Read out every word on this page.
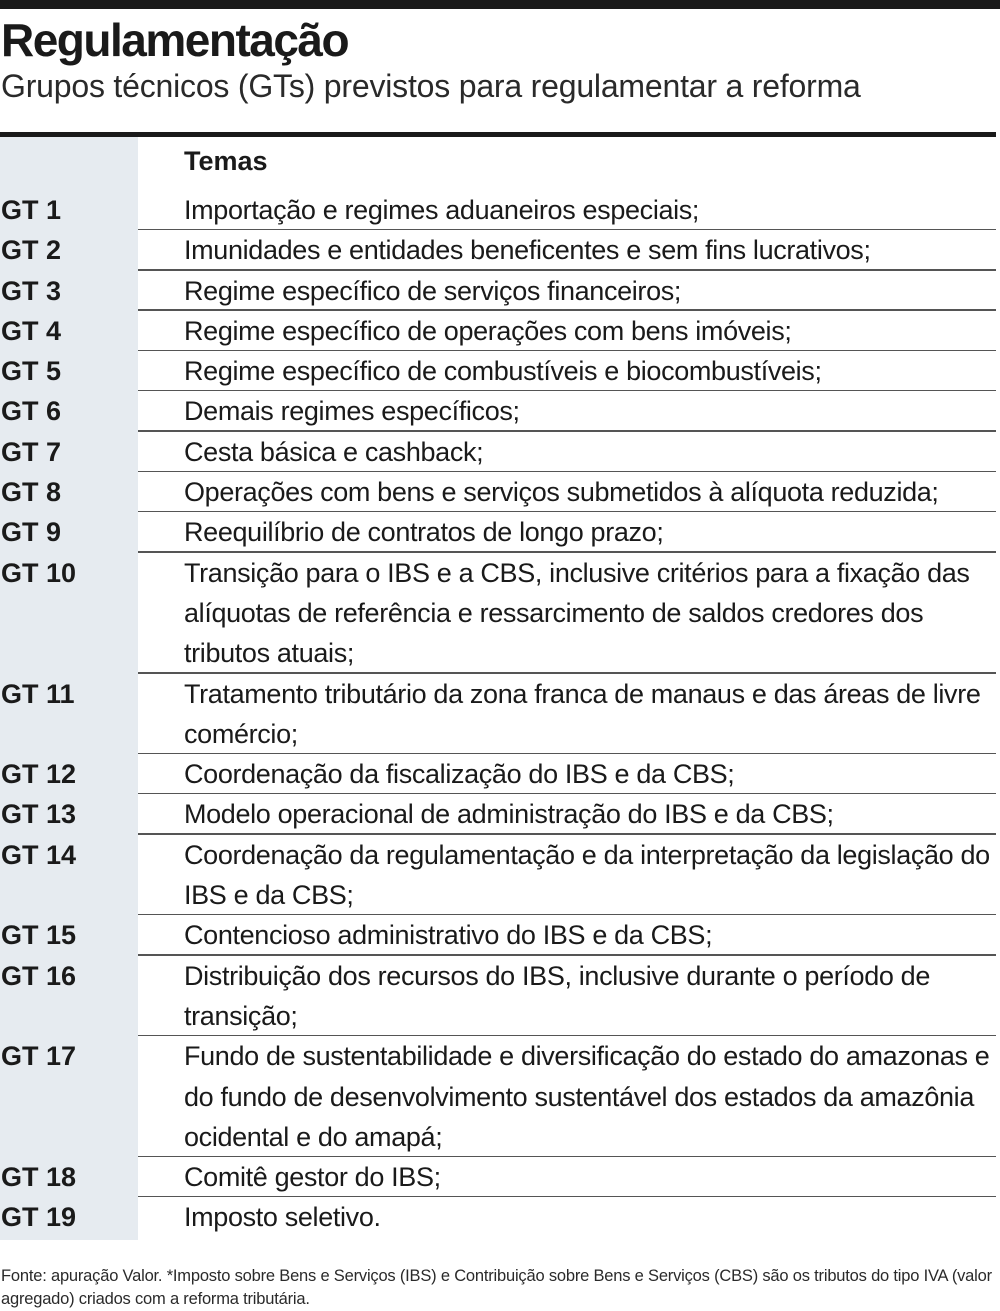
Regulamentação
Grupos técnicos (GTs) previstos para regulamentar a reforma
Temas
GT 1	Importação e regimes aduaneiros especiais;
GT 2	Imunidades e entidades beneficentes e sem fins lucrativos;
GT 3	Regime específico de serviços financeiros;
GT 4	Regime específico de operações com bens imóveis;
GT 5	Regime específico de combustíveis e biocombustíveis;
GT 6	Demais regimes específicos;
GT 7	Cesta básica e cashback;
GT 8	Operações com bens e serviços submetidos à alíquota reduzida;
GT 9	Reequilíbrio de contratos de longo prazo;
GT 10	Transição para o IBS e a CBS, inclusive critérios para a fixação das alíquotas de referência e ressarcimento de saldos credores dos tributos atuais;
GT 11	Tratamento tributário da zona franca de manaus e das áreas de livre comércio;
GT 12	Coordenação da fiscalização do IBS e da CBS;
GT 13	Modelo operacional de administração do IBS e da CBS;
GT 14	Coordenação da regulamentação e da interpretação da legislação do IBS e da CBS;
GT 15	Contencioso administrativo do IBS e da CBS;
GT 16	Distribuição dos recursos do IBS, inclusive durante o período de transição;
GT 17	Fundo de sustentabilidade e diversificação do estado do amazonas e do fundo de desenvolvimento sustentável dos estados da amazônia ocidental e do amapá;
GT 18	Comitê gestor do IBS;
GT 19	Imposto seletivo.
Fonte: apuração Valor. *Imposto sobre Bens e Serviços (IBS) e Contribuição sobre Bens e Serviços (CBS) são os tributos do tipo IVA (valor agregado) criados com a reforma tributária.
